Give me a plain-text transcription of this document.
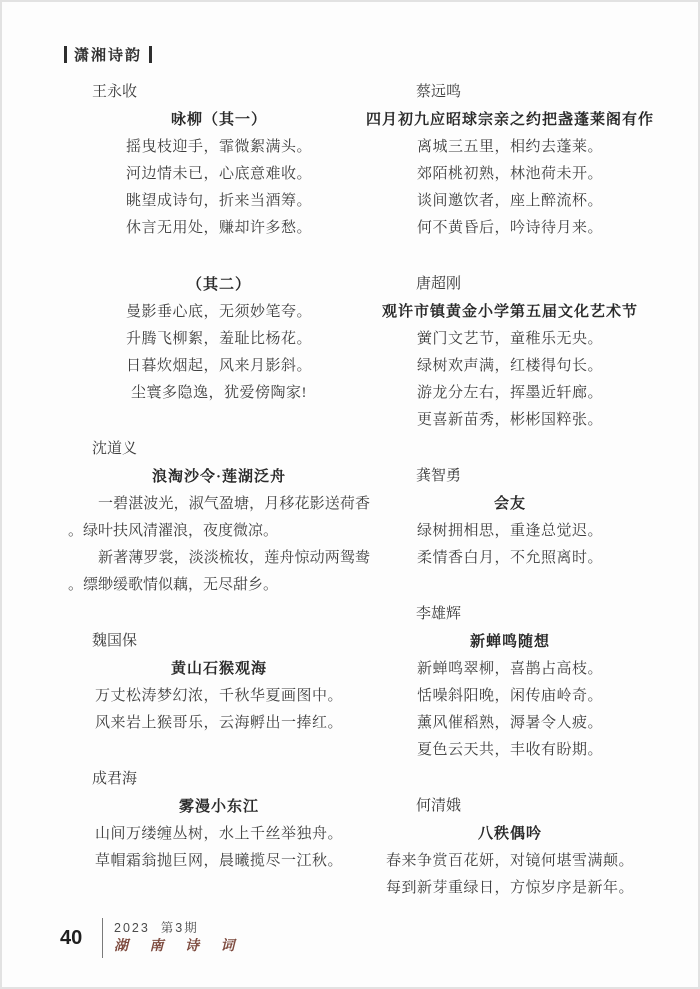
潇湘诗韵
王永收
咏柳（其一）
摇曳枝迎手，霏微絮满头。
河边情未已，心底意难收。
眺望成诗句，折来当酒筹。
休言无用处，赚却许多愁。
（其二）
曼影垂心底，无须妙笔夸。
升腾飞柳絮，羞耻比杨花。
日暮炊烟起，风来月影斜。
尘寰多隐逸，犹爱傍陶家!
沈道义
浪淘沙令·莲湖泛舟

一碧湛波光，淑气盈塘，月移花影送荷香。绿叶扶风清濯浪，夜度微凉。

新著薄罗裳，淡淡梳妆，莲舟惊动两鸳鸯。缥缈缓歌情似藕，无尽甜乡。

魏国保
黄山石猴观海
万丈松涛梦幻浓，千秋华夏画图中。
风来岩上猴哥乐，云海孵出一捧红。
成君海
雾漫小东江
山间万缕缠丛树，水上千丝举独舟。
草帽霜翁抛巨网，晨曦揽尽一江秋。
蔡远鸣
四月初九应昭球宗亲之约把盏蓬莱阁有作
离城三五里，相约去蓬莱。
郊陌桃初熟，林池荷未开。
谈间邀饮者，座上醉流杯。
何不黄昏后，吟诗待月来。
唐超刚
观许市镇黄金小学第五届文化艺术节
黉门文艺节，童稚乐无央。
绿树欢声满，红楼得句长。
游龙分左右，挥墨近轩廊。
更喜新苗秀，彬彬国粹张。
龚智勇
会友
绿树拥相思，重逢总觉迟。
柔情香白月，不允照离时。
李雄辉
新蝉鸣随想
新蝉鸣翠柳，喜鹊占高枝。
恬噪斜阳晚，闲传庙岭奇。
薰风催稻熟，溽暑令人疲。
夏色云天共，丰收有盼期。
何清娥
八秩偶吟
春来争赏百花妍，对镜何堪雪满颠。
每到新芽重绿日，方惊岁序是新年。
40	2023  第3期
湖 南 诗 词
